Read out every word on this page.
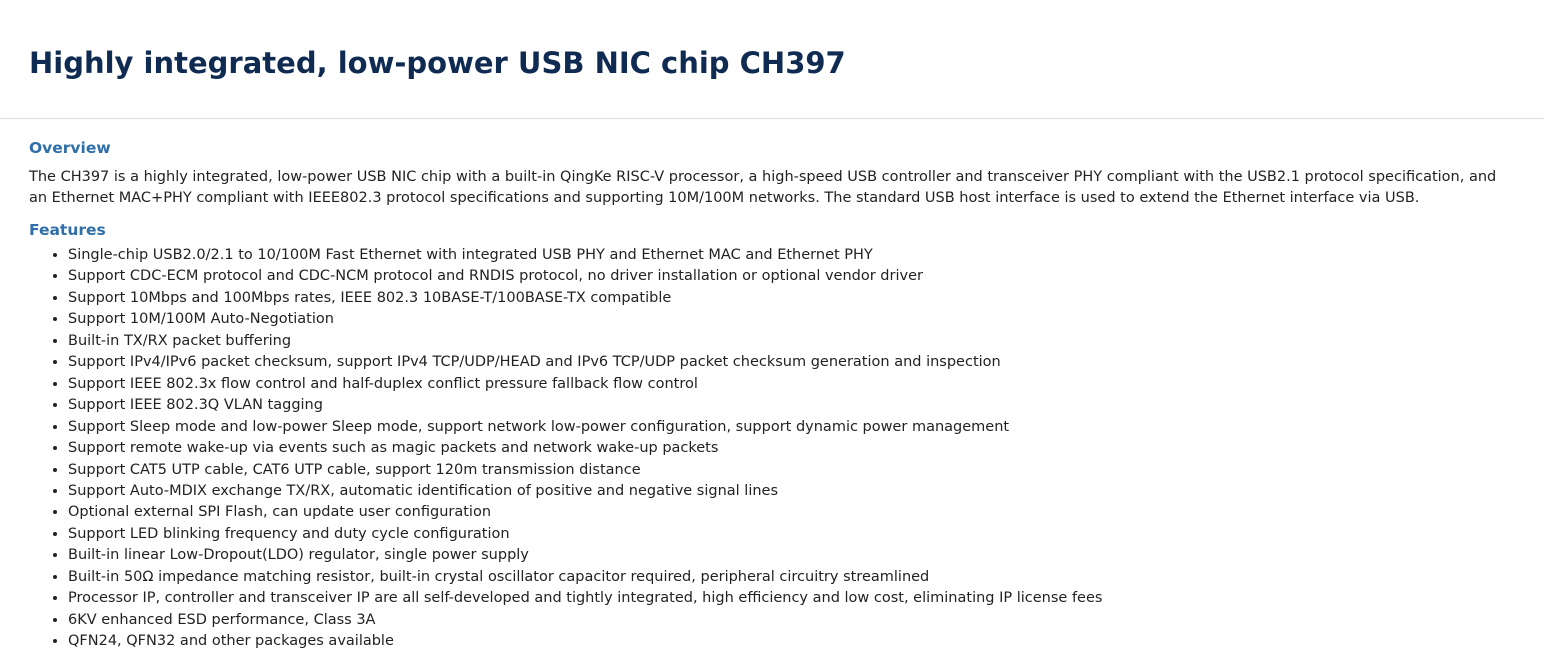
Highly integrated, low-power USB NIC chip CH397
Overview

The CH397 is a highly integrated, low-power USB NIC chip with a built-in QingKe RISC-V processor, a high-speed USB controller and transceiver PHY compliant with the USB2.1 protocol specification, and an Ethernet MAC+PHY compliant with IEEE802.3 protocol specifications and supporting 10M/100M networks. The standard USB host interface is used to extend the Ethernet interface via USB.

Features
• Single-chip USB2.0/2.1 to 10/100M Fast Ethernet with integrated USB PHY and Ethernet MAC and Ethernet PHY
• Support CDC-ECM protocol and CDC-NCM protocol and RNDIS protocol, no driver installation or optional vendor driver
• Support 10Mbps and 100Mbps rates, IEEE 802.3 10BASE-T/100BASE-TX compatible
• Support 10M/100M Auto-Negotiation
• Built-in TX/RX packet buffering
• Support IPv4/IPv6 packet checksum, support IPv4 TCP/UDP/HEAD and IPv6 TCP/UDP packet checksum generation and inspection
• Support IEEE 802.3x flow control and half-duplex conflict pressure fallback flow control
• Support IEEE 802.3Q VLAN tagging
• Support Sleep mode and low-power Sleep mode, support network low-power configuration, support dynamic power management
• Support remote wake-up via events such as magic packets and network wake-up packets
• Support CAT5 UTP cable, CAT6 UTP cable, support 120m transmission distance
• Support Auto-MDIX exchange TX/RX, automatic identification of positive and negative signal lines
• Optional external SPI Flash, can update user configuration
• Support LED blinking frequency and duty cycle configuration
• Built-in linear Low-Dropout(LDO) regulator, single power supply
• Built-in 50Ω impedance matching resistor, built-in crystal oscillator capacitor required, peripheral circuitry streamlined
• Processor IP, controller and transceiver IP are all self-developed and tightly integrated, high efficiency and low cost, eliminating IP license fees
• 6KV enhanced ESD performance, Class 3A
• QFN24, QFN32 and other packages available
